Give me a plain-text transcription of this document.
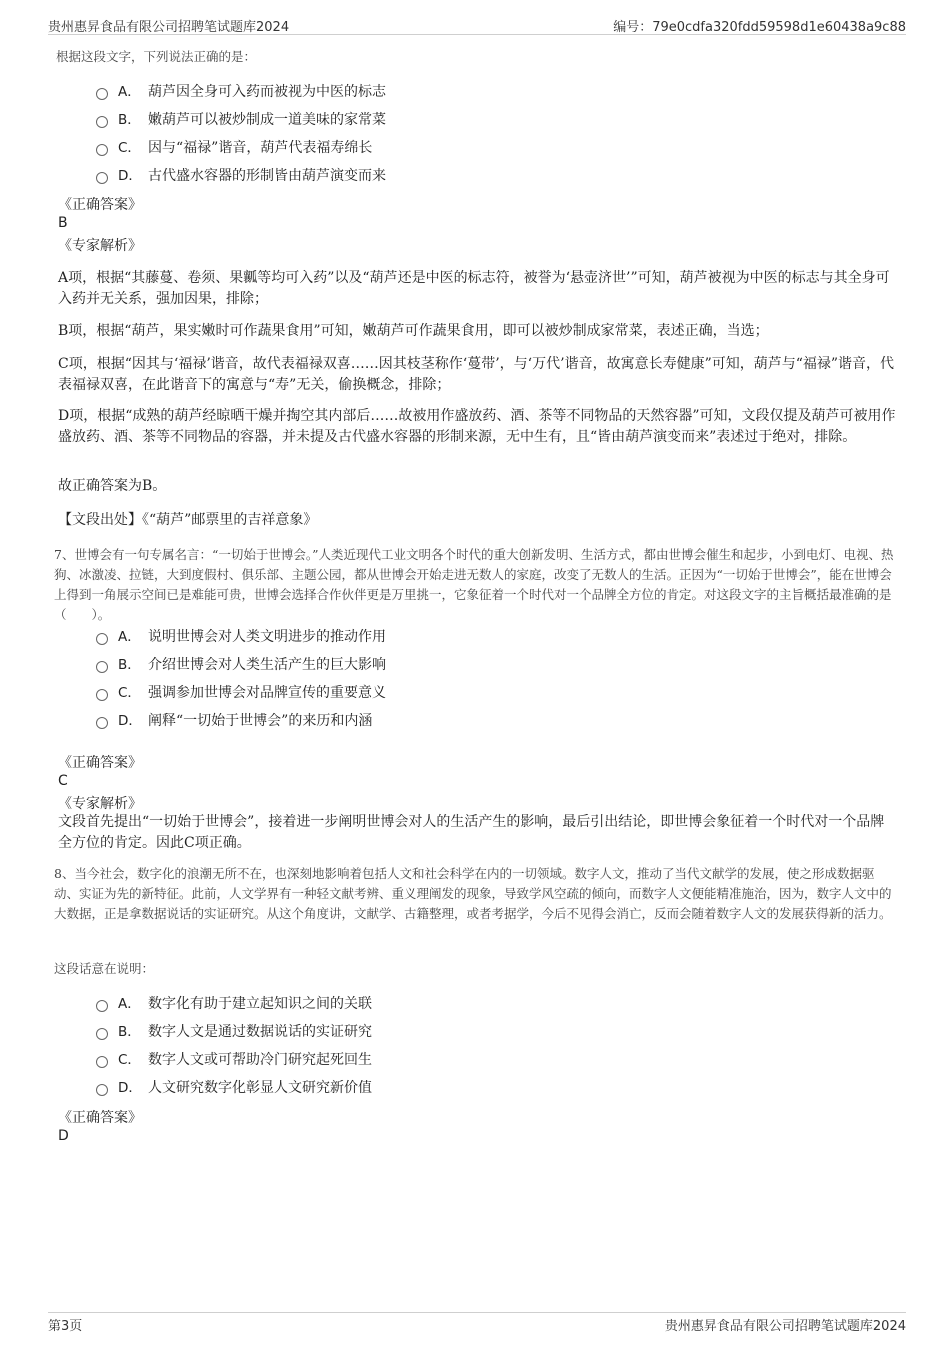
贵州惠昇食品有限公司招聘笔试题库2024	编号：79e0cdfa320fdd59598d1e60438a9c88
根据这段文字，下列说法正确的是：
A． 葫芦因全身可入药而被视为中医的标志
B． 嫩葫芦可以被炒制成一道美味的家常菜
C． 因与“福禄”谐音，葫芦代表福寿绵长
D． 古代盛水容器的形制皆由葫芦演变而来
《正确答案》
B
《专家解析》
A项，根据“其藤蔓、卷须、果瓤等均可入药”以及“葫芦还是中医的标志符，被誉为‘悬壶济世’”可知，葫芦被视为中医的标志与其全身可入药并无关系，强加因果，排除；
B项，根据“葫芦，果实嫩时可作蔬果食用”可知，嫩葫芦可作蔬果食用，即可以被炒制成家常菜，表述正确，当选；
C项，根据“因其与‘福禄’谐音，故代表福禄双喜……因其枝茎称作‘蔓带’，与‘万代’谐音，故寓意长寿健康”可知，葫芦与“福禄”谐音，代表福禄双喜，在此谐音下的寓意与“寿”无关，偷换概念，排除；
D项，根据“成熟的葫芦经晾晒干燥并掏空其内部后……故被用作盛放药、酒、茶等不同物品的天然容器”可知，文段仅提及葫芦可被用作盛放药、酒、茶等不同物品的容器，并未提及古代盛水容器的形制来源，无中生有，且“皆由葫芦演变而来”表述过于绝对，排除。
故正确答案为B。
【文段出处】《“葫芦”邮票里的吉祥意象》
7、世博会有一句专属名言：“一切始于世博会。”人类近现代工业文明各个时代的重大创新发明、生活方式，都由世博会催生和起步，小到电灯、电视、热狗、冰激凌、拉链，大到度假村、俱乐部、主题公园，都从世博会开始走进无数人的家庭，改变了无数人的生活。正因为“一切始于世博会”，能在世博会上得到一角展示空间已是难能可贵，世博会选择合作伙伴更是万里挑一，它象征着一个时代对一个品牌全方位的肯定。对这段文字的主旨概括最准确的是（　　）。
A． 说明世博会对人类文明进步的推动作用
B． 介绍世博会对人类生活产生的巨大影响
C． 强调参加世博会对品牌宣传的重要意义
D． 阐释“一切始于世博会”的来历和内涵
《正确答案》
C
《专家解析》
文段首先提出“一切始于世博会”，接着进一步阐明世博会对人的生活产生的影响，最后引出结论，即世博会象征着一个时代对一个品牌全方位的肯定。因此C项正确。
8、当今社会，数字化的浪潮无所不在，也深刻地影响着包括人文和社会科学在内的一切领域。数字人文，推动了当代文献学的发展，使之形成数据驱动、实证为先的新特征。此前，人文学界有一种轻文献考辨、重义理阐发的现象，导致学风空疏的倾向，而数字人文便能精准施治，因为，数字人文中的大数据，正是拿数据说话的实证研究。从这个角度讲，文献学、古籍整理，或者考据学，今后不见得会消亡，反而会随着数字人文的发展获得新的活力。
这段话意在说明：
A． 数字化有助于建立起知识之间的关联
B． 数字人文是通过数据说话的实证研究
C． 数字人文或可帮助冷门研究起死回生
D． 人文研究数字化彰显人文研究新价值
《正确答案》
D
第3页	贵州惠昇食品有限公司招聘笔试题库2024
